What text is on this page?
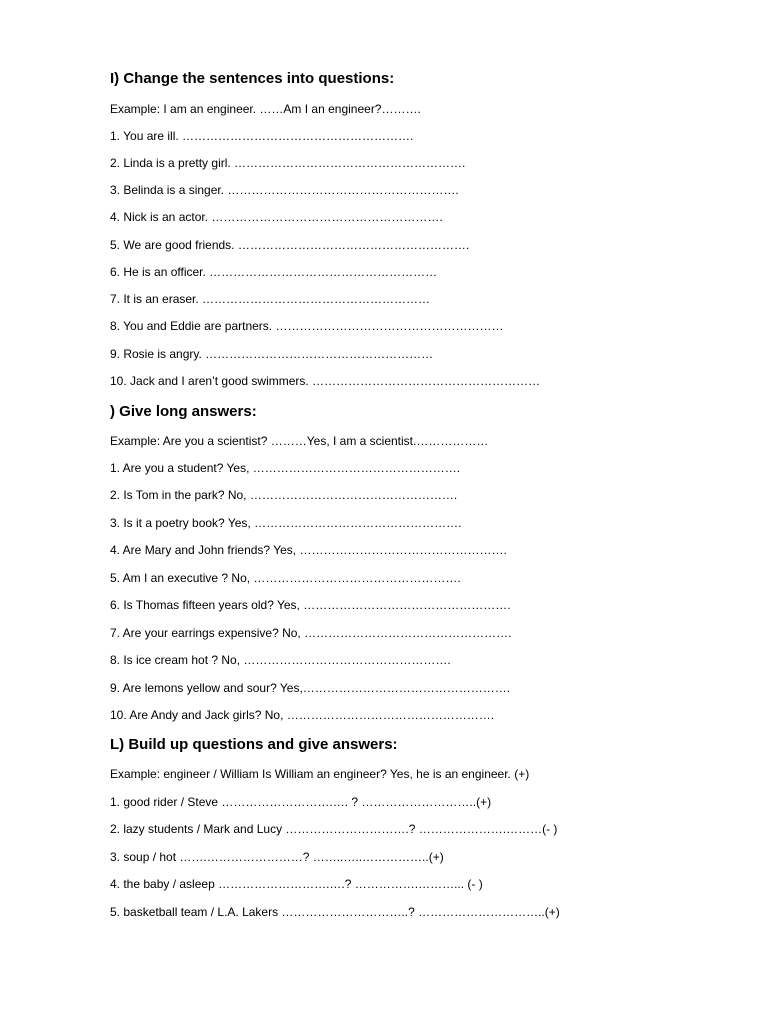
I) Change the sentences into questions:
Example: I am an engineer. ……Am I an engineer?……….
1. You are ill. ………………………………………………….
2. Linda is a pretty girl. ………………………………………………….
3. Belinda is a singer. ………………………………………………….
4. Nick is an actor. ………………………………………………….
5. We are good friends. ………………………………………………….
6. He is an officer. …………………………………………………
7. It is an eraser. …………………………………………………
8. You and Eddie are partners. …………………………………………………
9. Rosie is angry. …………………………………………………
10. Jack and I aren’t good swimmers. …………………………………………………
) Give long answers:
Example: Are you a scientist? ………Yes, I am a scientist.………………
1. Are you a student? Yes, …………………………………………….
2. Is Tom in the park? No, …………………………………………….
3. Is it a poetry book? Yes, …………………………………………….
4. Are Mary and John friends? Yes, …………………………………………….
5. Am I an executive ? No, …………………………………………….
6. Is Thomas fifteen years old? Yes, …………………………………………….
7. Are your earrings expensive? No, …………………………………………….
8. Is ice cream hot ? No, …………………………………………….
9. Are lemons yellow and sour? Yes,…………………………………………….
10. Are Andy and Jack girls? No, …………………………………………….
L) Build up questions and give answers:
Example: engineer / William Is William an engineer? Yes, he is an engineer. (+)
1. good rider / Steve ……………………….…. ? ………………………..(+)
2. lazy students / Mark and Lucy ………………………….? ………………….………(- )
3. soup / hot …….……………………? ……..…..……………..(+)
4. the baby / asleep ……………………….….? …………….………... (- )
5. basketball team / L.A. Lakers …………………………..? …………………………..(+)
